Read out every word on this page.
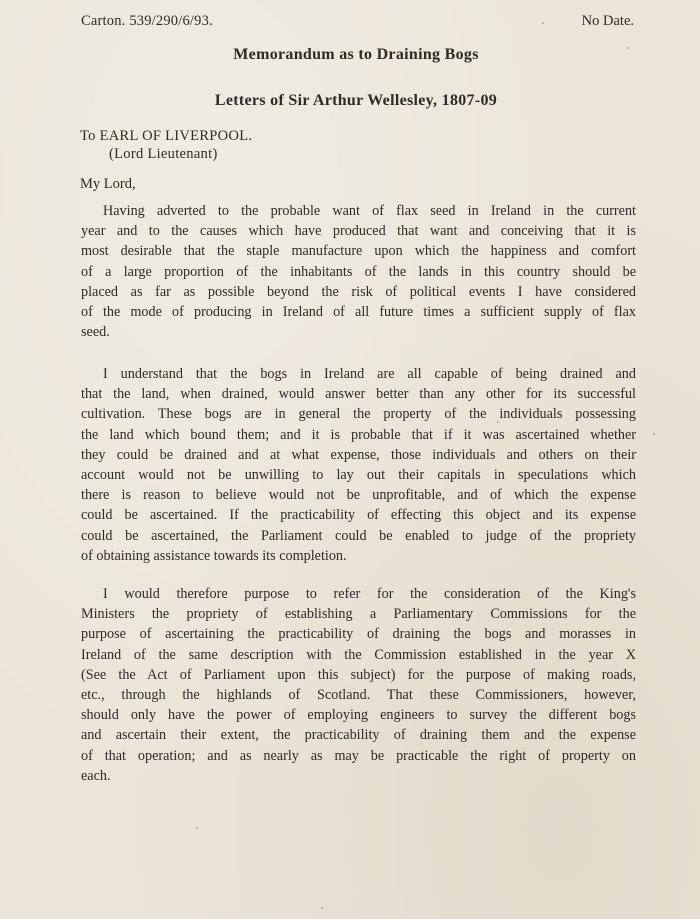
Carton. 539/290/6/93.	No Date.
Memorandum as to Draining Bogs
Letters of Sir Arthur Wellesley, 1807-09
To EARL OF LIVERPOOL.
(Lord Lieutenant)
My Lord,
Having adverted to the probable want of flax seed in Ireland in the current
year and to the causes which have produced that want and conceiving that it is
most desirable that the staple manufacture upon which the happiness and comfort
of a large proportion of the inhabitants of the lands in this country should be
placed as far as possible beyond the risk of political events I have considered
of the mode of producing in Ireland of all future times a sufficient supply of flax
seed.
I understand that the bogs in Ireland are all capable of being drained and
that the land, when drained, would answer better than any other for its successful
cultivation. These bogs are in general the property of the individuals possessing
the land which bound them; and it is probable that if it was ascertained whether
they could be drained and at what expense, those individuals and others on their
account would not be unwilling to lay out their capitals in speculations which
there is reason to believe would not be unprofitable, and of which the expense
could be ascertained. If the practicability of effecting this object and its expense
could be ascertained, the Parliament could be enabled to judge of the propriety
of obtaining assistance towards its completion.
I would therefore purpose to refer for the consideration of the King's
Ministers the propriety of establishing a Parliamentary Commissions for the
purpose of ascertaining the practicability of draining the bogs and morasses in
Ireland of the same description with the Commission established in the year X
(See the Act of Parliament upon this subject) for the purpose of making roads,
etc., through the highlands of Scotland. That these Commissioners, however,
should only have the power of employing engineers to survey the different bogs
and ascertain their extent, the practicability of draining them and the expense
of that operation; and as nearly as may be practicable the right of property on
each.
